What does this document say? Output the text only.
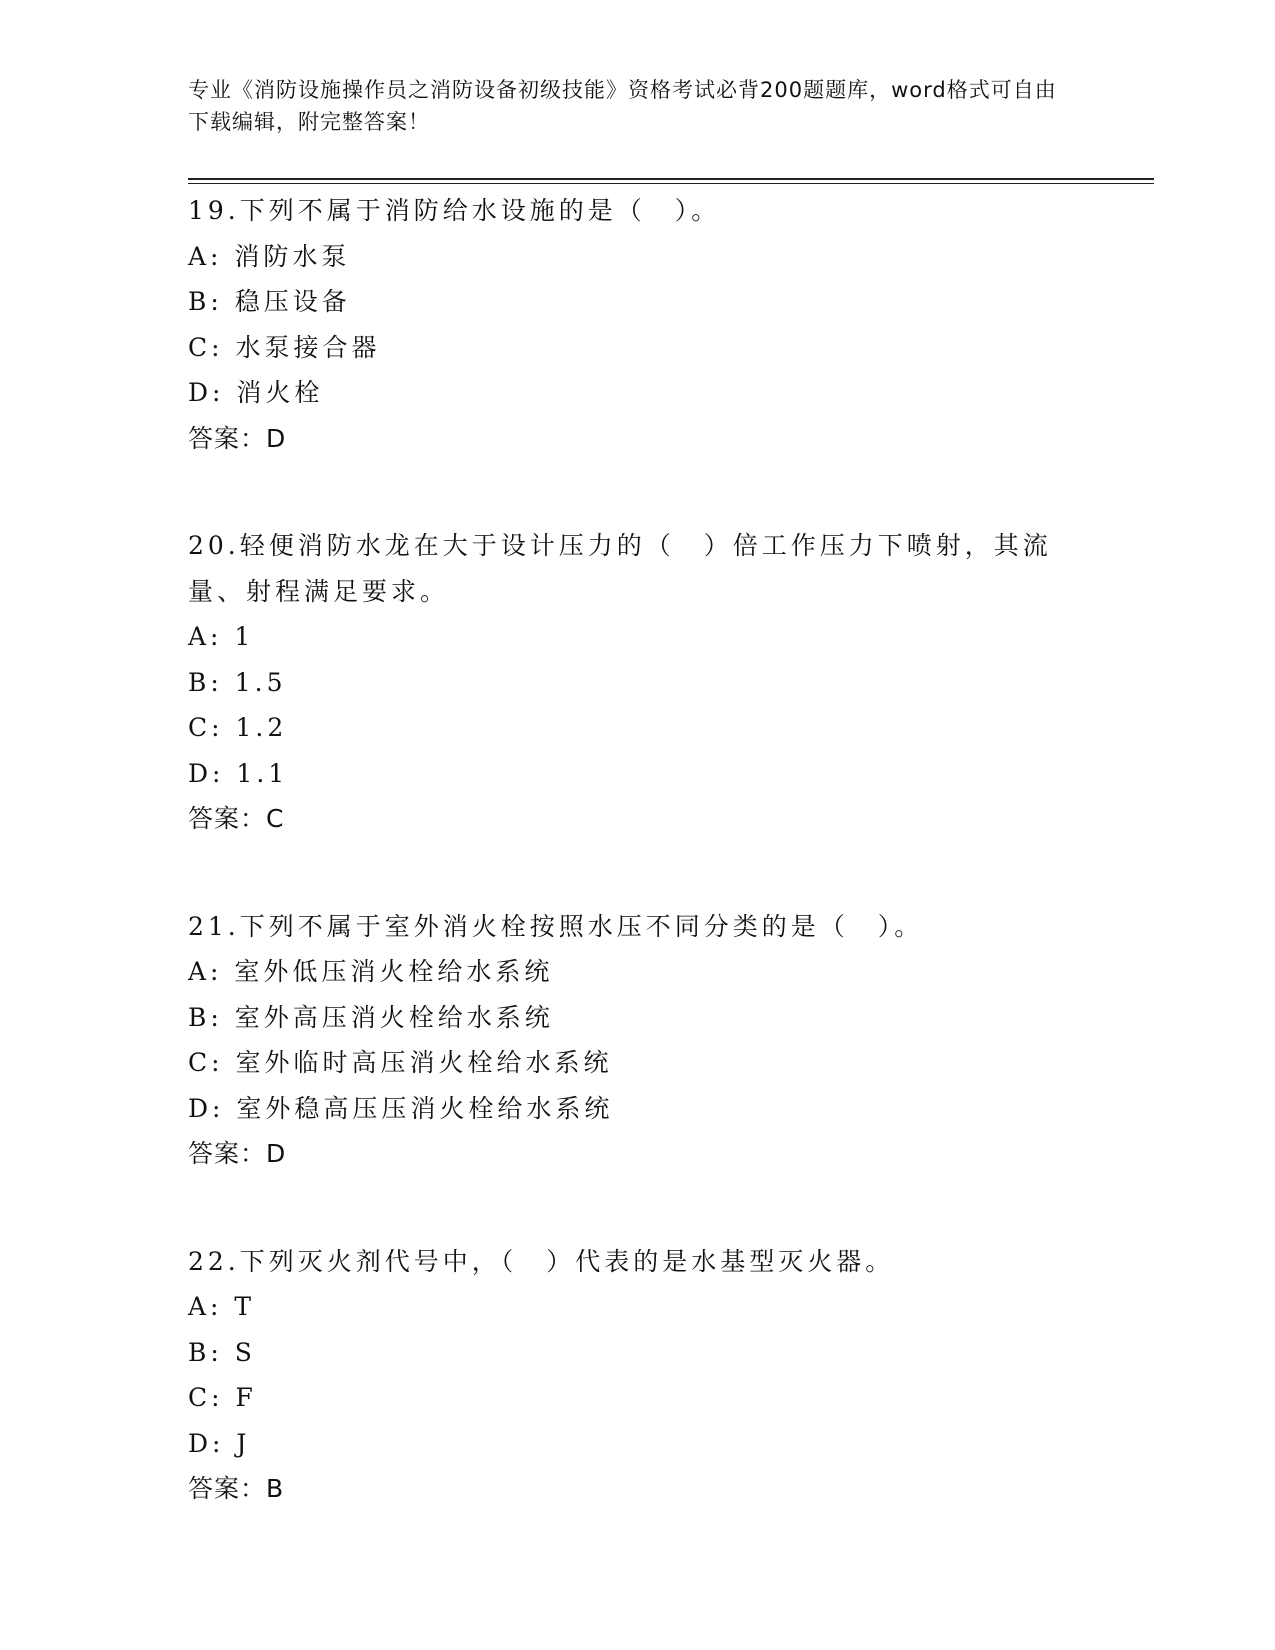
专业《消防设施操作员之消防设备初级技能》资格考试必背200题题库，word格式可自由下载编辑，附完整答案！
19.下列不属于消防给水设施的是（　）。
A: 消防水泵
B: 稳压设备
C: 水泵接合器
D: 消火栓
答案：D
20.轻便消防水龙在大于设计压力的（　）倍工作压力下喷射，其流量、射程满足要求。
A: 1
B: 1.5
C: 1.2
D: 1.1
答案：C
21.下列不属于室外消火栓按照水压不同分类的是（　）。
A: 室外低压消火栓给水系统
B: 室外高压消火栓给水系统
C: 室外临时高压消火栓给水系统
D: 室外稳高压压消火栓给水系统
答案：D
22.下列灭火剂代号中，（　）代表的是水基型灭火器。
A: T
B: S
C: F
D: J
答案：B
